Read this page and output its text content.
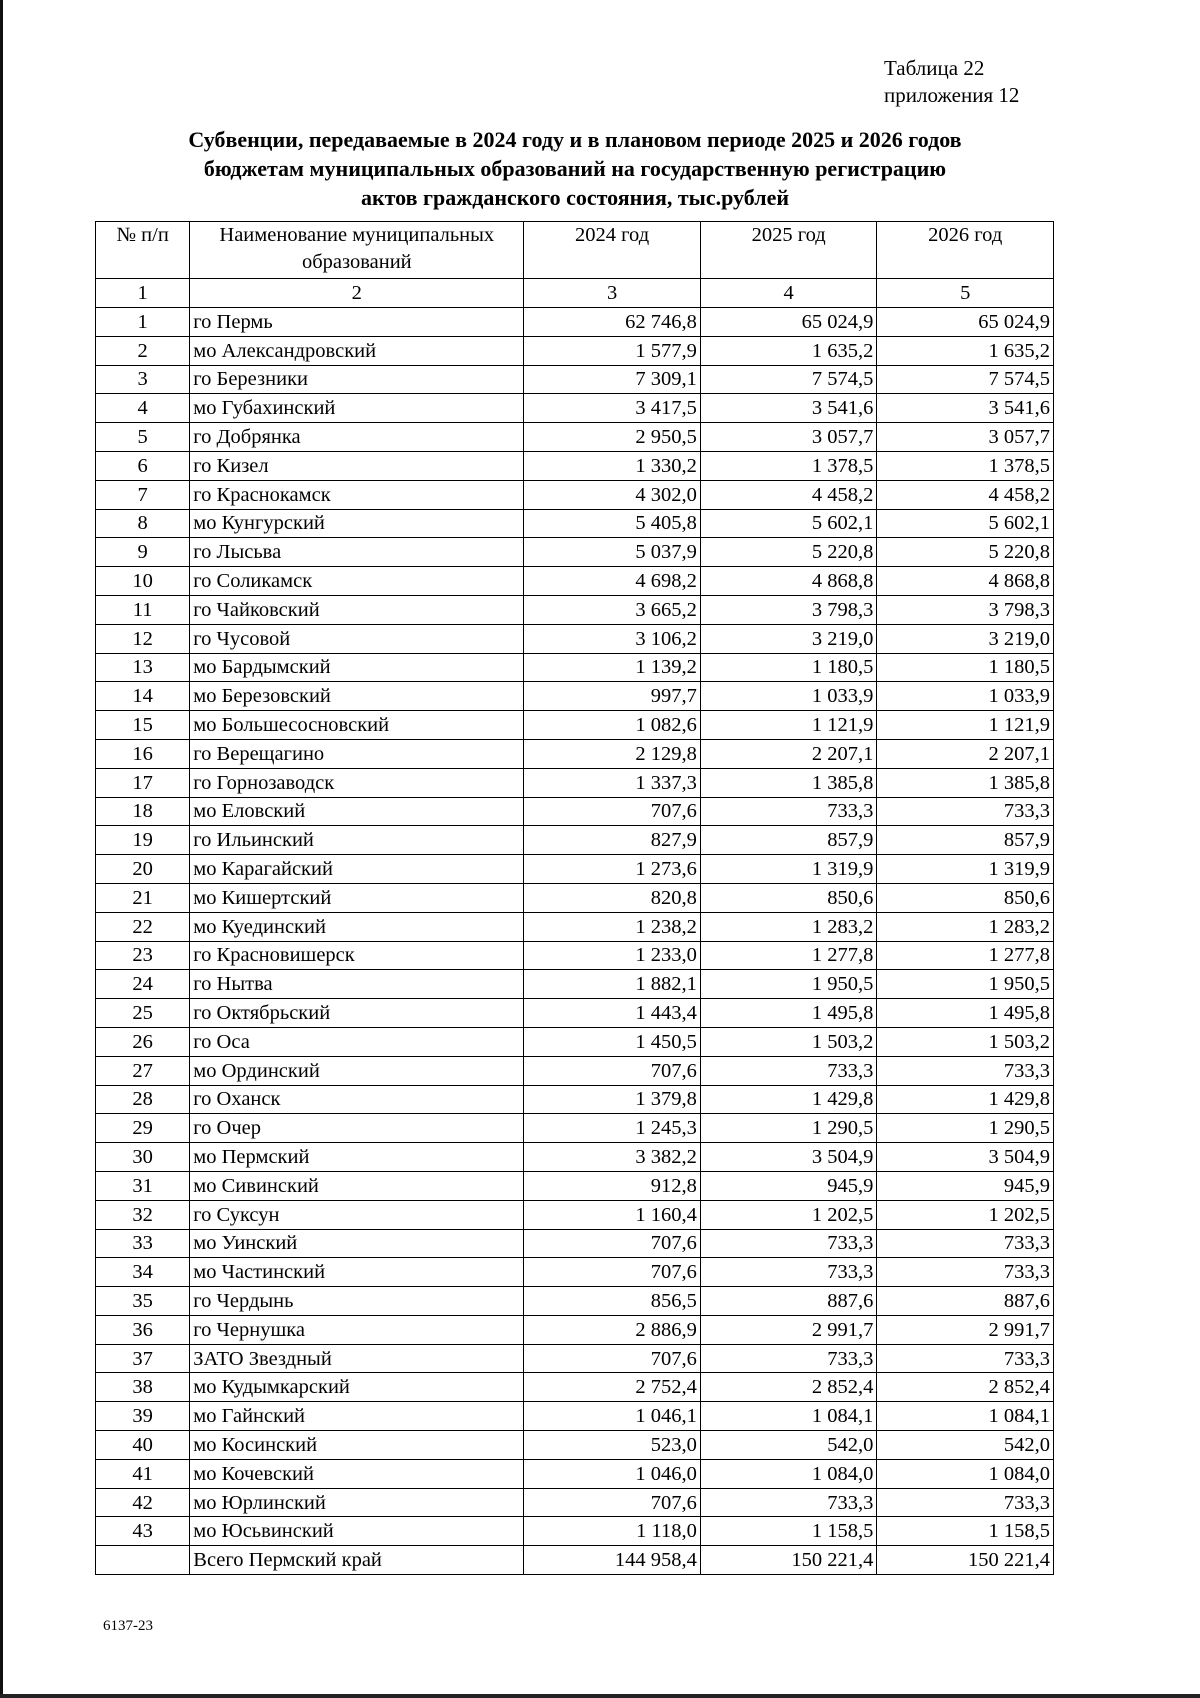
Таблица 22
приложения 12
Субвенции, передаваемые в 2024 году и в плановом периоде 2025 и 2026 годов
бюджетам муниципальных образований на государственную регистрацию
актов гражданского состояния, тыс.рублей
№ п/п	Наименование муниципальных образований	2024 год	2025 год	2026 год
1	2	3	4	5
1	го Пермь	62 746,8	65 024,9	65 024,9
2	мо Александровский	1 577,9	1 635,2	1 635,2
3	го Березники	7 309,1	7 574,5	7 574,5
4	мо Губахинский	3 417,5	3 541,6	3 541,6
5	го Добрянка	2 950,5	3 057,7	3 057,7
6	го Кизел	1 330,2	1 378,5	1 378,5
7	го Краснокамск	4 302,0	4 458,2	4 458,2
8	мо Кунгурский	5 405,8	5 602,1	5 602,1
9	го Лысьва	5 037,9	5 220,8	5 220,8
10	го Соликамск	4 698,2	4 868,8	4 868,8
11	го Чайковский	3 665,2	3 798,3	3 798,3
12	го Чусовой	3 106,2	3 219,0	3 219,0
13	мо Бардымский	1 139,2	1 180,5	1 180,5
14	мо Березовский	997,7	1 033,9	1 033,9
15	мо Большесосновский	1 082,6	1 121,9	1 121,9
16	го Верещагино	2 129,8	2 207,1	2 207,1
17	го Горнозаводск	1 337,3	1 385,8	1 385,8
18	мо Еловский	707,6	733,3	733,3
19	го Ильинский	827,9	857,9	857,9
20	мо Карагайский	1 273,6	1 319,9	1 319,9
21	мо Кишертский	820,8	850,6	850,6
22	мо Куединский	1 238,2	1 283,2	1 283,2
23	го Красновишерск	1 233,0	1 277,8	1 277,8
24	го Нытва	1 882,1	1 950,5	1 950,5
25	го Октябрьский	1 443,4	1 495,8	1 495,8
26	го Оса	1 450,5	1 503,2	1 503,2
27	мо Ординский	707,6	733,3	733,3
28	го Оханск	1 379,8	1 429,8	1 429,8
29	го Очер	1 245,3	1 290,5	1 290,5
30	мо Пермский	3 382,2	3 504,9	3 504,9
31	мо Сивинский	912,8	945,9	945,9
32	го Суксун	1 160,4	1 202,5	1 202,5
33	мо Уинский	707,6	733,3	733,3
34	мо Частинский	707,6	733,3	733,3
35	го Чердынь	856,5	887,6	887,6
36	го Чернушка	2 886,9	2 991,7	2 991,7
37	ЗАТО Звездный	707,6	733,3	733,3
38	мо Кудымкарский	2 752,4	2 852,4	2 852,4
39	мо Гайнский	1 046,1	1 084,1	1 084,1
40	мо Косинский	523,0	542,0	542,0
41	мо Кочевский	1 046,0	1 084,0	1 084,0
42	мо Юрлинский	707,6	733,3	733,3
43	мо Юсьвинский	1 118,0	1 158,5	1 158,5
	Всего Пермский край	144 958,4	150 221,4	150 221,4
6137-23
